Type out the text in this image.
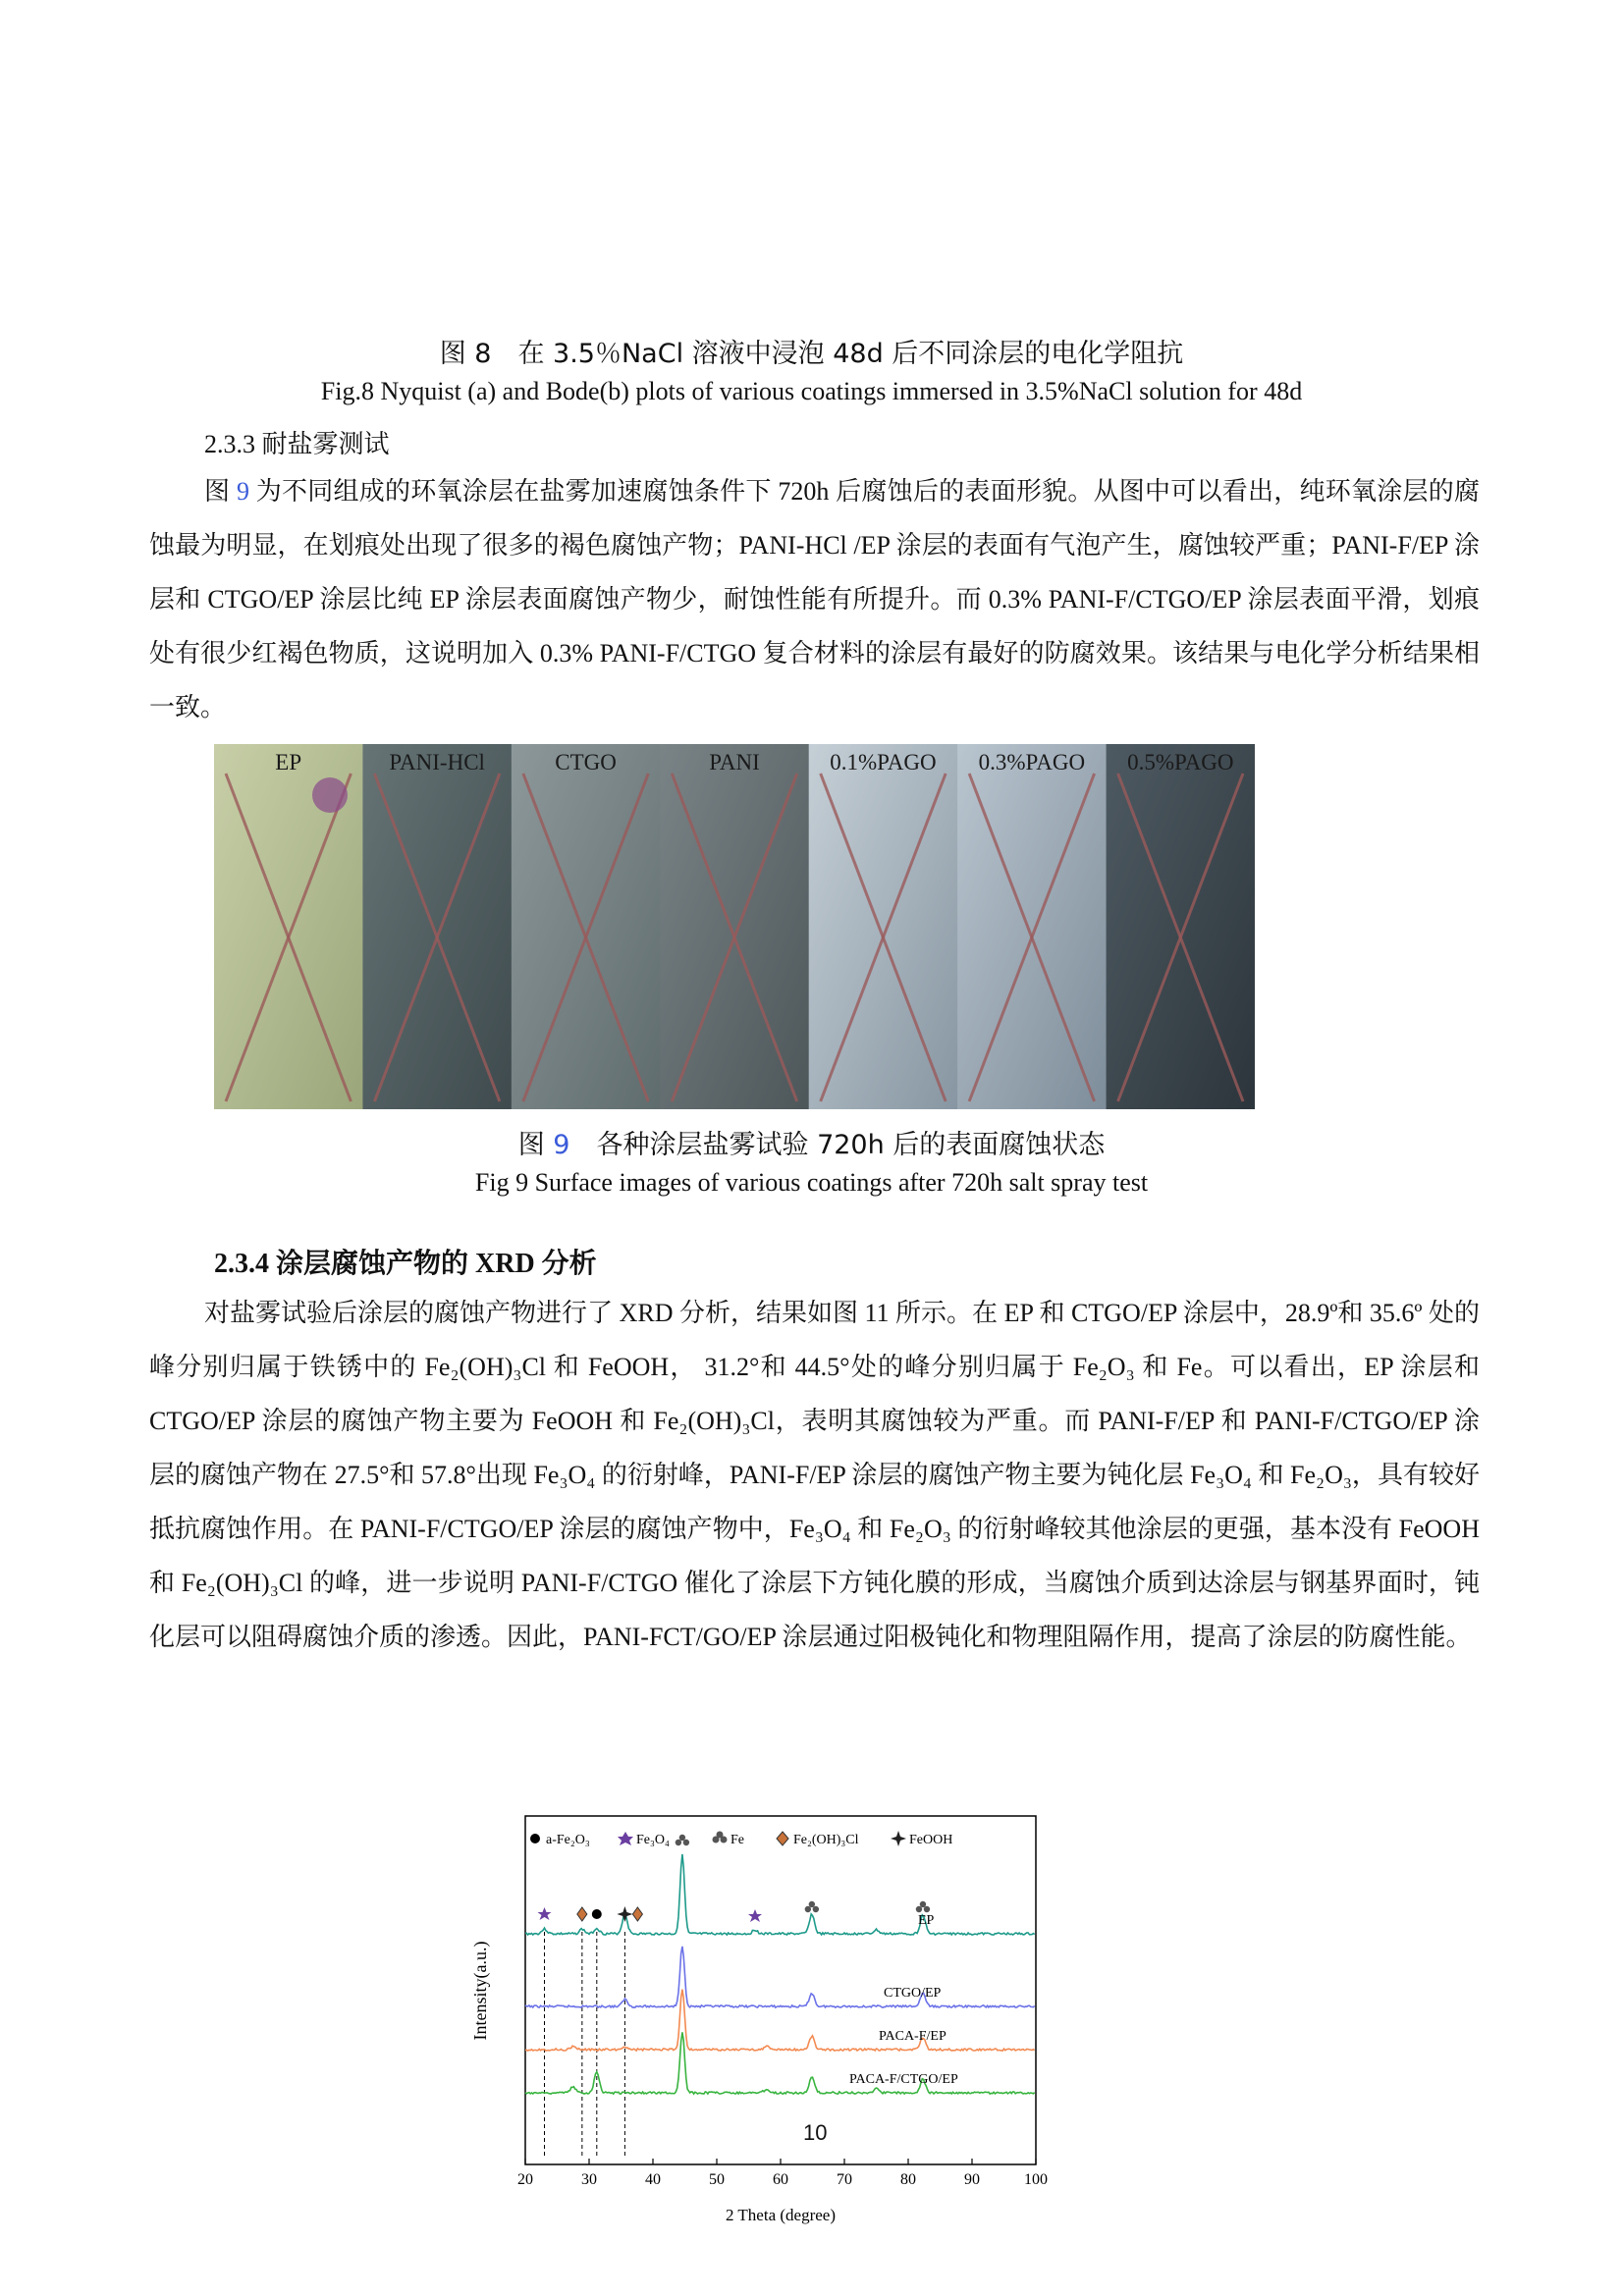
图 8　在 3.5％NaCl 溶液中浸泡 48d 后不同涂层的电化学阻抗
Fig.8 Nyquist (a) and Bode(b) plots of various coatings immersed in 3.5%NaCl solution for 48d
2.3.3 耐盐雾测试
图 9 为不同组成的环氧涂层在盐雾加速腐蚀条件下 720h 后腐蚀后的表面形貌。从图中可以看出，纯环氧涂层的腐蚀最为明显，在划痕处出现了很多的褐色腐蚀产物；PANI-HCl /EP 涂层的表面有气泡产生，腐蚀较严重；PANI-F/EP 涂层和 CTGO/EP 涂层比纯 EP 涂层表面腐蚀产物少，耐蚀性能有所提升。而 0.3% PANI-F/CTGO/EP 涂层表面平滑，划痕处有很少红褐色物质，这说明加入 0.3% PANI-F/CTGO 复合材料的涂层有最好的防腐效果。该结果与电化学分析结果相一致。
EP	PANI-HCl	CTGO	PANI	0.1%PAGO 0.3%PAGO 0.5%PAGO
图 9　各种涂层盐雾试验 720h 后的表面腐蚀状态
Fig 9 Surface images of various coatings after 720h salt spray test
2.3.4 涂层腐蚀产物的 XRD 分析
对盐雾试验后涂层的腐蚀产物进行了 XRD 分析，结果如图 11 所示。在 EP 和 CTGO/EP 涂层中，28.9º和 35.6º 处的峰分别归属于铁锈中的 Fe₂(OH)₃Cl 和 FeOOH， 31.2°和 44.5°处的峰分别归属于 Fe₂O₃ 和 Fe。可以看出，EP 涂层和 CTGO/EP 涂层的腐蚀产物主要为 FeOOH 和 Fe₂(OH)₃Cl，表明其腐蚀较为严重。而 PANI-F/EP 和 PANI-F/CTGO/EP 涂层的腐蚀产物在 27.5°和 57.8°出现 Fe₃O₄ 的衍射峰，PANI-F/EP 涂层的腐蚀产物主要为钝化层 Fe₃O₄ 和 Fe₂O₃，具有较好抵抗腐蚀作用。在 PANI-F/CTGO/EP 涂层的腐蚀产物中，Fe₃O₄ 和 Fe₂O₃ 的衍射峰较其他涂层的更强，基本没有 FeOOH 和 Fe₂(OH)₃Cl 的峰，进一步说明 PANI-F/CTGO 催化了涂层下方钝化膜的形成，当腐蚀介质到达涂层与钢基界面时，钝化层可以阻碍腐蚀介质的渗透。因此，PANI-FCT/GO/EP 涂层通过阳极钝化和物理阻隔作用，提高了涂层的防腐性能。
EP
CTGO/EP
PACA-F/EP
PACA-F/CTGO/EP
20	30	40	50	60	70	80	90	100
a-Fe₂O₃	Fe₃O₄	Fe	Fe₂(OH)₃Cl	FeOOH
2 Theta (degree)
Intensity(a.u.)
10
